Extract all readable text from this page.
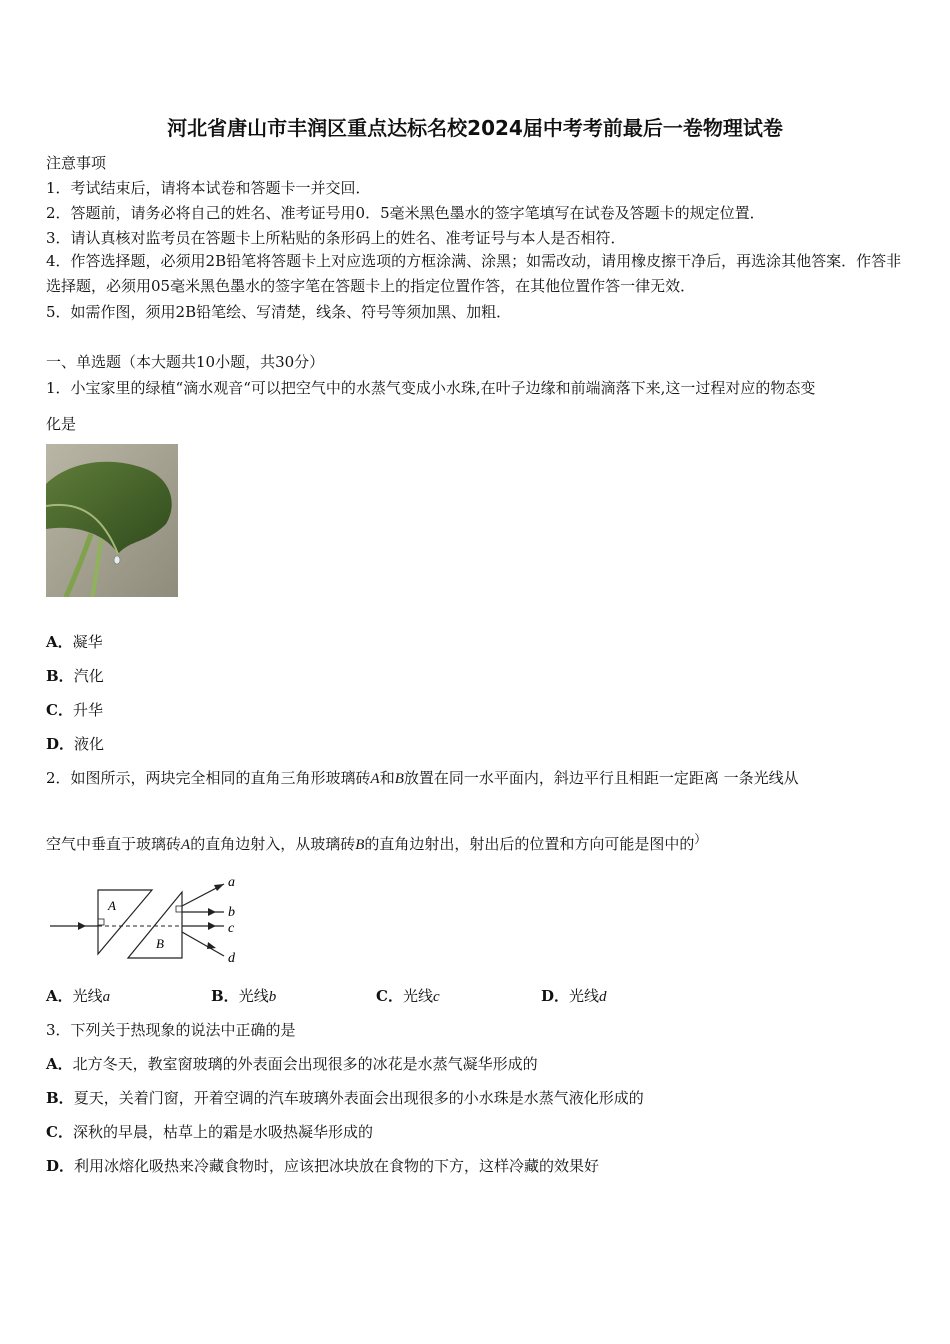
河北省唐山市丰润区重点达标名校2024届中考考前最后一卷物理试卷
注意事项
1．考试结束后，请将本试卷和答题卡一并交回．
2．答题前，请务必将自己的姓名、准考证号用0．5毫米黑色墨水的签字笔填写在试卷及答题卡的规定位置．
3．请认真核对监考员在答题卡上所粘贴的条形码上的姓名、准考证号与本人是否相符．
4．作答选择题，必须用2B铅笔将答题卡上对应选项的方框涂满、涂黑；如需改动，请用橡皮擦干净后，再选涂其他答案．作答非选择题，必须用05毫米黑色墨水的签字笔在答题卡上的指定位置作答，在其他位置作答一律无效．
5．如需作图，须用2B铅笔绘、写清楚，线条、符号等须加黑、加粗．
一、单选题（本大题共10小题，共30分）
1．小宝家里的绿植“滴水观音“可以把空气中的水蒸气变成小水珠,在叶子边缘和前端滴落下来,这一过程对应的物态变
化是
A．凝华
B．汽化
C．升华
D．液化
2．如图所示，两块完全相同的直角三角形玻璃砖A和B放置在同一水平面内，斜边平行且相距一定距离 一条光线从
空气中垂直于玻璃砖A的直角边射入，从玻璃砖B的直角边射出，射出后的位置和方向可能是图中的）
A
B
a
b
c
d
A．光线a	B．光线b	C．光线c	D．光线d
3．下列关于热现象的说法中正确的是
A．北方冬天，教室窗玻璃的外表面会出现很多的冰花是水蒸气凝华形成的
B．夏天，关着门窗，开着空调的汽车玻璃外表面会出现很多的小水珠是水蒸气液化形成的
C．深秋的早晨，枯草上的霜是水吸热凝华形成的
D．利用冰熔化吸热来冷藏食物时，应该把冰块放在食物的下方，这样冷藏的效果好
